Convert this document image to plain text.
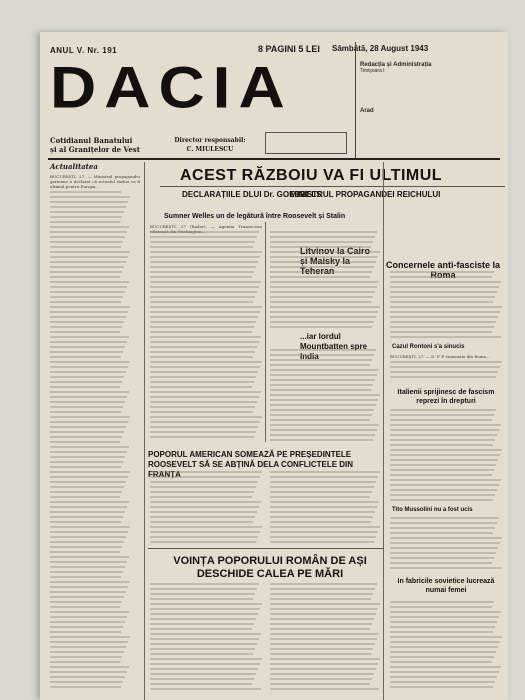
ANUL V. Nr. 191	8 PAGINI 5 LEI Sâmbătă, 28 August 1943
DACIA
Cotidianul Banatului
și al Granițelor de Vest
Director responsabil:
C. MIULESCU
Redacția și Administrația
Timișoara I
Arad
Actualitatea
ACEST RĂZBOIU VA FI ULTIMUL
DECLARAȚIILE DLUI Dr. GOEBBELS
MINISTRUL PROPAGANDEI REICHULUI
Sumner Welles un de legătură între Roosevelt și Stalin
Litvinov la Cairo și Maisky la Teheran
...iar lordul Mountbatten spre India
Concernele anti-fasciste la Roma
Cazul Rontoni s'a sinucis
Italienii sprijinesc de fascism reprezi în drepturi
POPORUL AMERICAN SOMEAZĂ PE PREȘEDINTELE ROOSEVELT SĂ SE ABȚINĂ DELA CONFLICTELE DIN FRANȚA
Tito Mussolini nu a fost ucis
VOINȚA POPORULUI ROMÂN DE AȘI DESCHIDE CALEA PE MĂRI
In fabricile sovietice lucrează numai femei

BUCUREȘTI, 27. — Ministrul propagandei germane a declarat că actualul război va fi ultimul pentru Europa...

BUCUREȘTI, 27 (Rador). — Agenția Transocean relatează din Washington...

BUCUREȘTI, 27. — D. F. P. transmite din Roma...
